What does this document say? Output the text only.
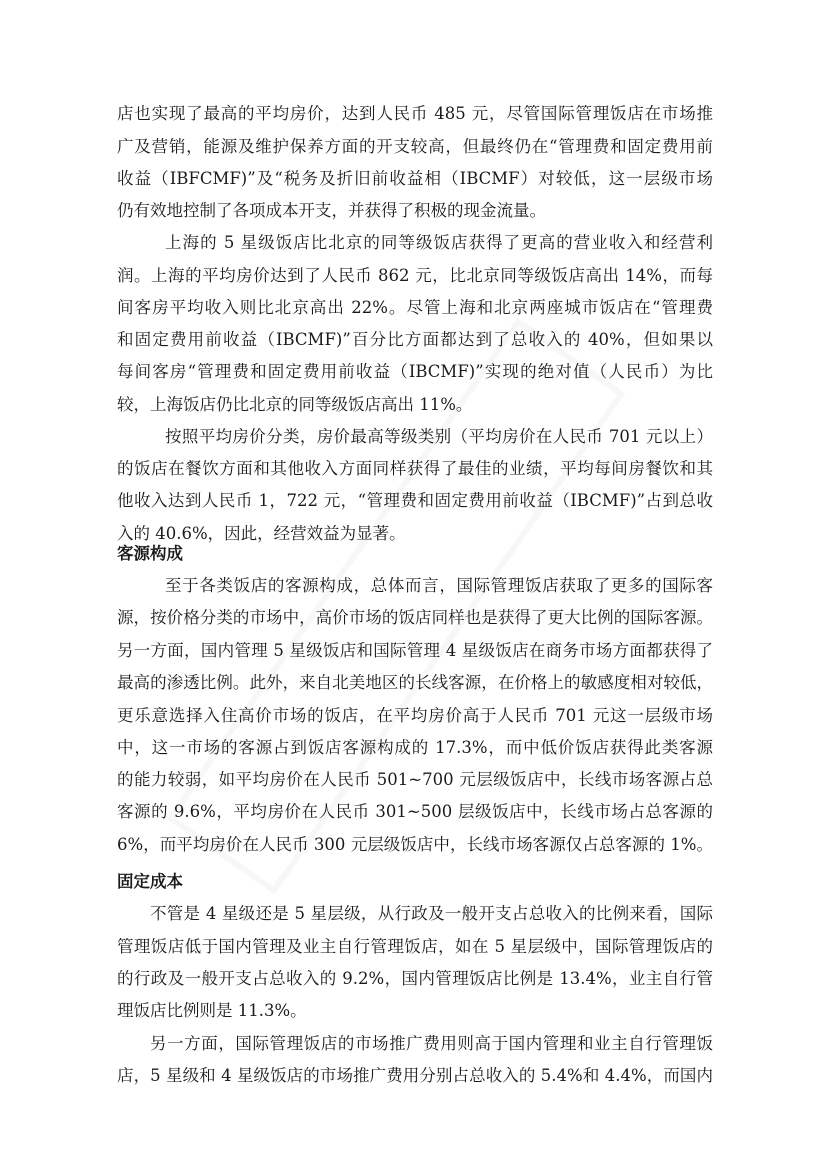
店也实现了最高的平均房价，达到人民币 485 元，尽管国际管理饭店在市场推
广及营销，能源及维护保养方面的开支较高，但最终仍在“管理费和固定费用前
收益（IBFCMF)”及“税务及折旧前收益相（IBCMF）对较低，这一层级市场
仍有效地控制了各项成本开支，并获得了积极的现金流量。
上海的 5 星级饭店比北京的同等级饭店获得了更高的营业收入和经营利
润。上海的平均房价达到了人民币 862 元，比北京同等级饭店高出 14%，而每
间客房平均收入则比北京高出 22%。尽管上海和北京两座城市饭店在“管理费
和固定费用前收益（IBCMF)”百分比方面都达到了总收入的 40%，但如果以
每间客房“管理费和固定费用前收益（IBCMF)”实现的绝对值（人民币）为比
较，上海饭店仍比北京的同等级饭店高出 11%。
按照平均房价分类，房价最高等级类别（平均房价在人民币 701 元以上）
的饭店在餐饮方面和其他收入方面同样获得了最佳的业绩，平均每间房餐饮和其
他收入达到人民币 1，722 元，“管理费和固定费用前收益（IBCMF)”占到总收
入的 40.6%，因此，经营效益为显著。
客源构成
至于各类饭店的客源构成，总体而言，国际管理饭店获取了更多的国际客
源，按价格分类的市场中，高价市场的饭店同样也是获得了更大比例的国际客源。
另一方面，国内管理 5 星级饭店和国际管理 4 星级饭店在商务市场方面都获得了
最高的渗透比例。此外，来自北美地区的长线客源，在价格上的敏感度相对较低，
更乐意选择入住高价市场的饭店，在平均房价高于人民币 701 元这一层级市场
中，这一市场的客源占到饭店客源构成的 17.3%，而中低价饭店获得此类客源
的能力较弱，如平均房价在人民币 501~700 元层级饭店中，长线市场客源占总
客源的 9.6%，平均房价在人民币 301~500 层级饭店中，长线市场占总客源的
6%，而平均房价在人民币 300 元层级饭店中，长线市场客源仅占总客源的 1%。
固定成本
不管是 4 星级还是 5 星层级，从行政及一般开支占总收入的比例来看，国际
管理饭店低于国内管理及业主自行管理饭店，如在 5 星层级中，国际管理饭店的
的行政及一般开支占总收入的 9.2%，国内管理饭店比例是 13.4%，业主自行管
理饭店比例则是 11.3%。
另一方面，国际管理饭店的市场推广费用则高于国内管理和业主自行管理饭
店，5 星级和 4 星级饭店的市场推广费用分别占总收入的 5.4%和 4.4%，而国内
